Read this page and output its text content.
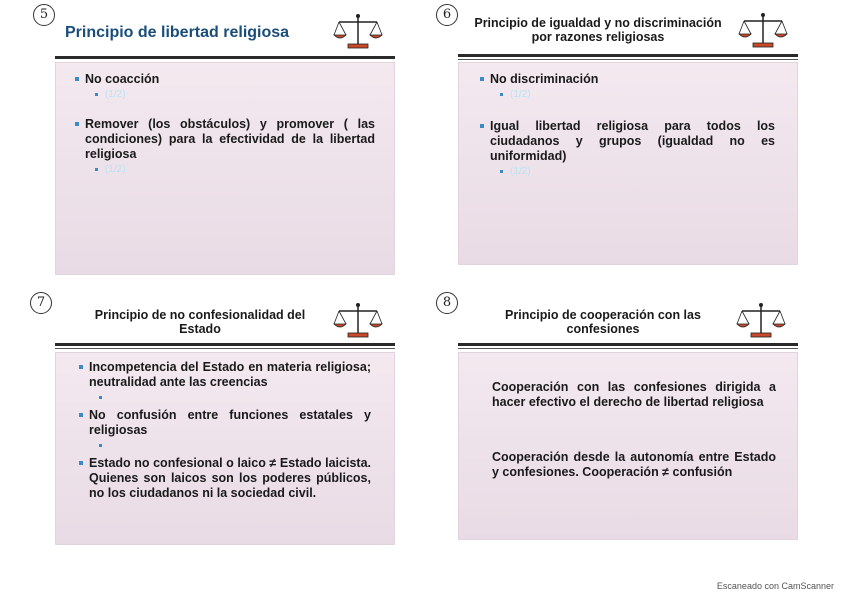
5
Principio de libertad religiosa
No coacción
(1/2)
Remover (los obstáculos) y promover ( las condiciones) para la efectividad de la libertad religiosa
(1/2)
6
Principio de igualdad y no discriminación por razones religiosas
No discriminación
(1/2)
Igual libertad religiosa para todos los ciudadanos y grupos (igualdad no es uniformidad)
(1/2)
7
Principio de no confesionalidad del Estado
Incompetencia del Estado en materia religiosa; neutralidad ante las creencias
No confusión entre funciones estatales y religiosas
Estado no confesional o laico ≠ Estado laicista. Quienes son laicos son los poderes públicos, no los ciudadanos ni la sociedad civil.
8
Principio de cooperación con las confesiones
Cooperación con las confesiones dirigida a hacer efectivo el derecho de libertad religiosa
Cooperación desde la autonomía entre Estado y confesiones. Cooperación ≠ confusión
Escaneado con CamScanner
